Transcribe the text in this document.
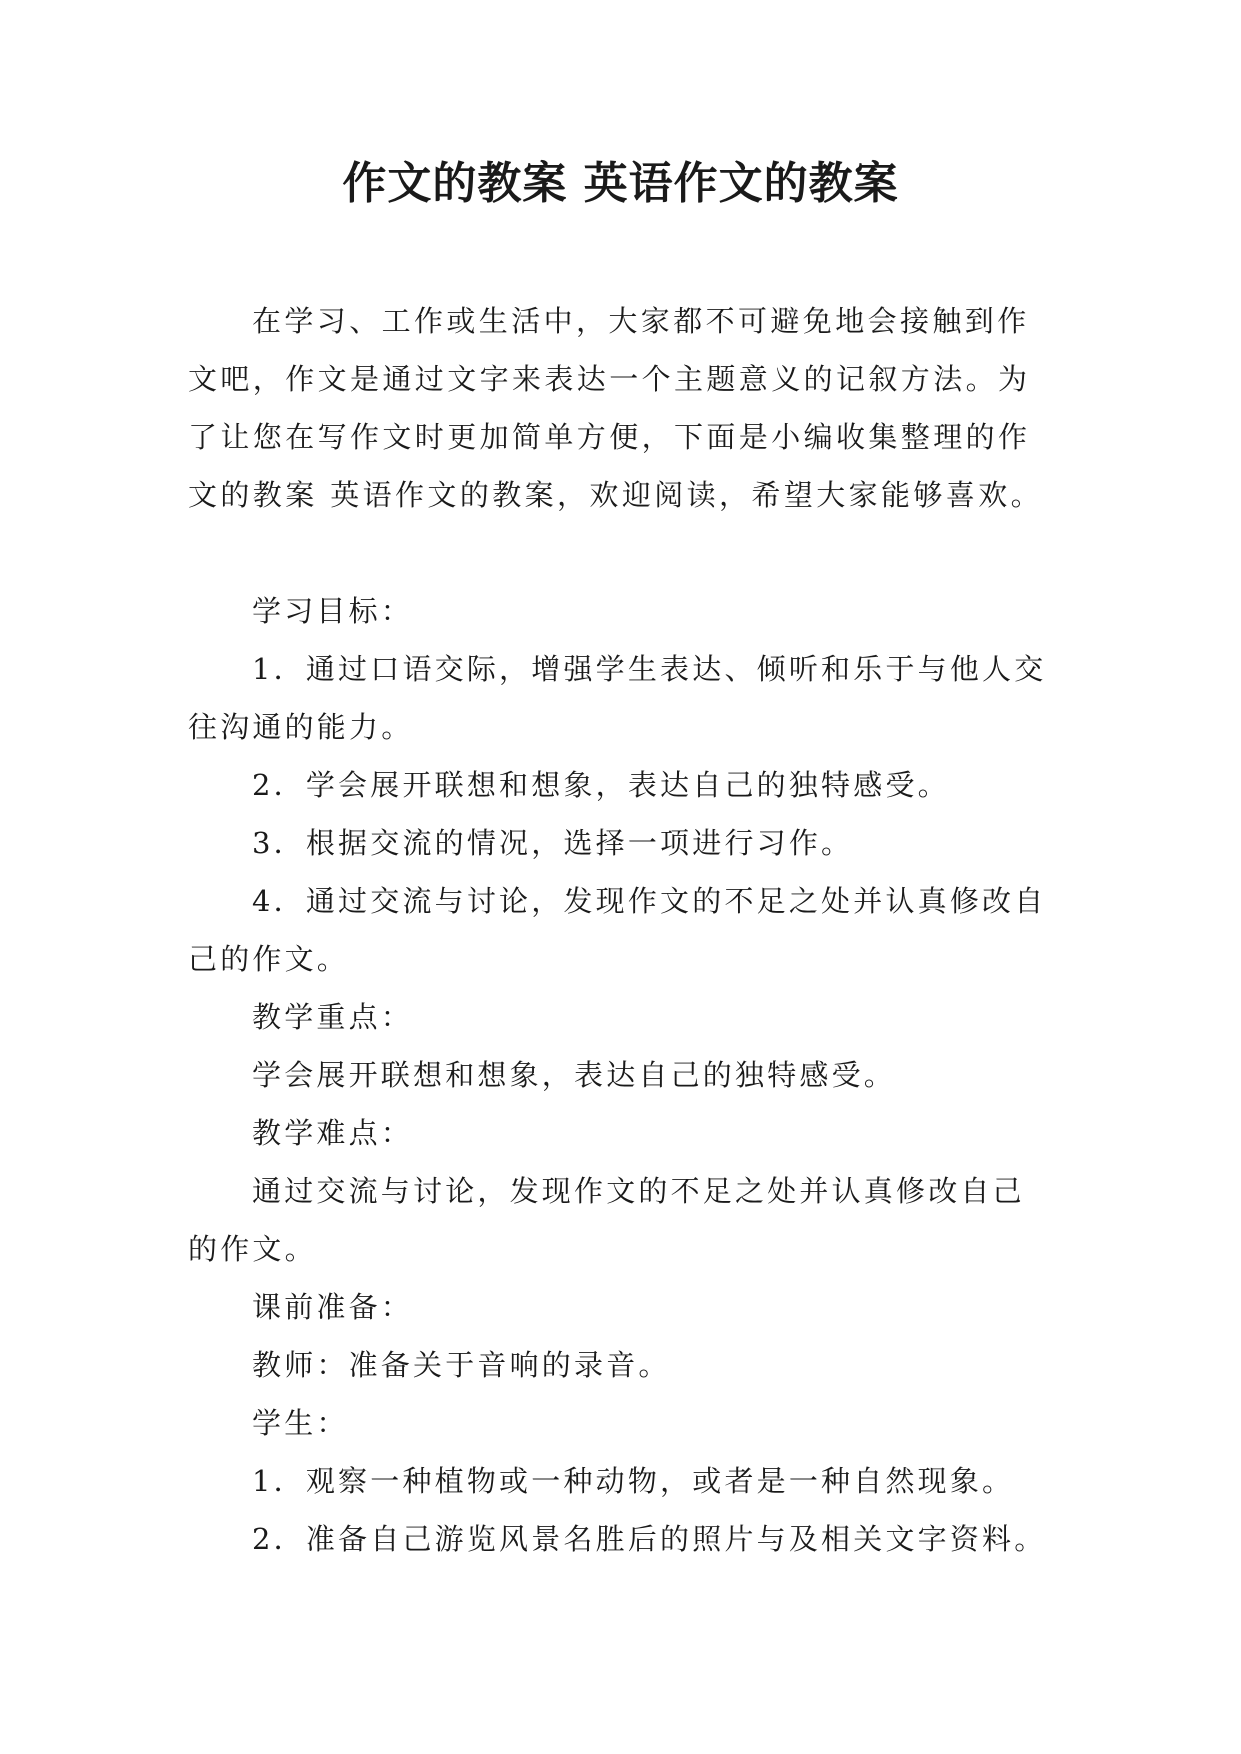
作文的教案 英语作文的教案

在学习、工作或生活中，大家都不可避免地会接触到作文吧，作文是通过文字来表达一个主题意义的记叙方法。为了让您在写作文时更加简单方便，下面是小编收集整理的作文的教案 英语作文的教案，欢迎阅读，希望大家能够喜欢。

学习目标：

1．通过口语交际，增强学生表达、倾听和乐于与他人交往沟通的能力。

2．学会展开联想和想象，表达自己的独特感受。

3．根据交流的情况，选择一项进行习作。

4．通过交流与讨论，发现作文的不足之处并认真修改自己的作文。

教学重点：

学会展开联想和想象，表达自己的独特感受。

教学难点：

通过交流与讨论，发现作文的不足之处并认真修改自己的作文。

课前准备：

教师：准备关于音响的录音。

学生：

1．观察一种植物或一种动物，或者是一种自然现象。

2．准备自己游览风景名胜后的照片与及相关文字资料。
